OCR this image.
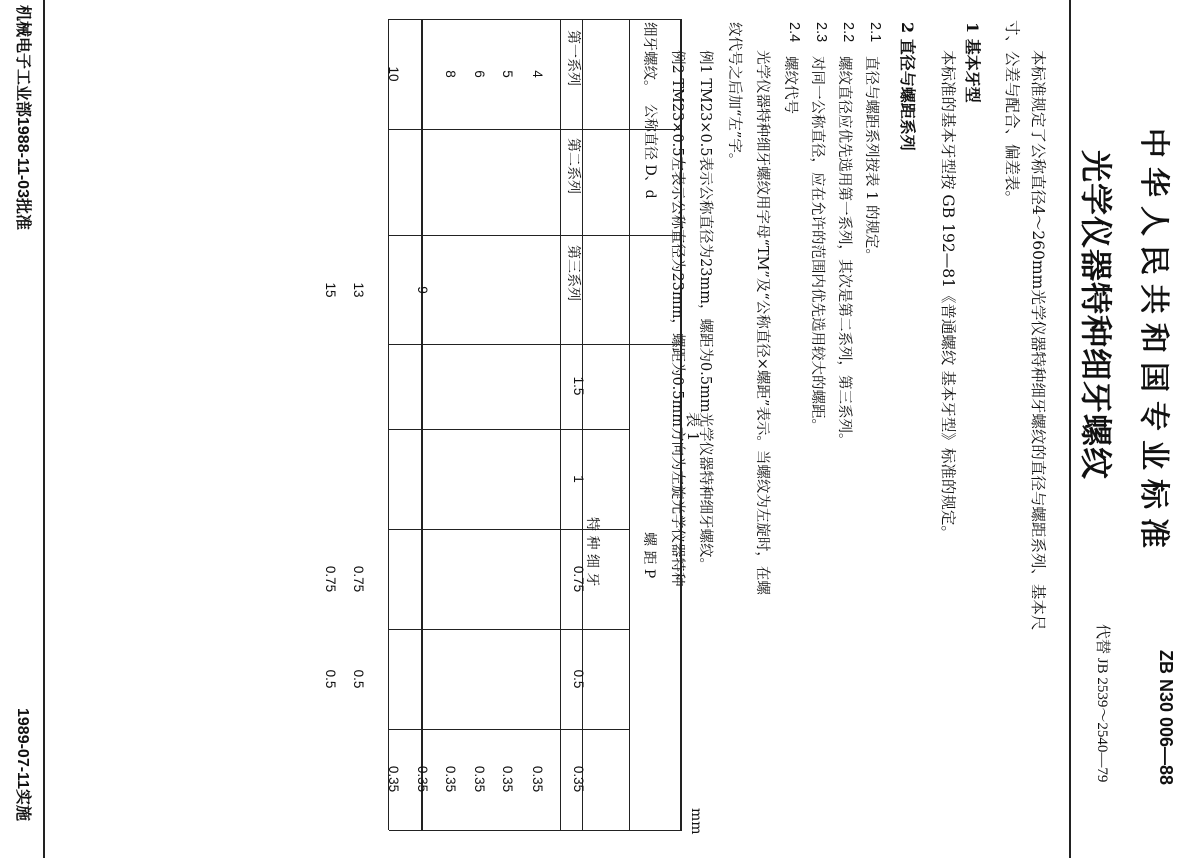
中华人民共和国专业标准
ZB N30 006—88
光学仪器特种细牙螺纹
代替 JB 2539～2540—79
本标准规定了公称直径4～260mm光学仪器特种细牙螺纹的直径与螺距系列、基本尺
寸、公差与配合、偏差表。
1 基本牙型
本标准的基本牙型按 GB 192—81《普通螺纹 基本牙型》标准的规定。
2 直径与螺距系列
2.1
直径与螺距系列按表 1 的规定。
2.2
螺纹直径应优先选用第一系列，其次是第二系列，第三系列。
2.3
对同一公称直径，应在允许的范围内优先选用较大的螺距。
2.4
螺纹代号
光学仪器特种细牙螺纹用字母“TM”及“公称直径×螺距”表示。当螺纹为左旋时，在螺
纹代号之后加“左”字。
例1 TM23×0.5表示公称直径为23mm，螺距为0.5mm光学仪器特种细牙螺纹。
例2 TM23×0.5左表示公称直径为23mm，螺距为0.5mm方向为左旋光学仪器特种
细牙螺纹。
表 1
mm
公称直径 D、d
螺 距 P
特 种 细 牙
第一系列
第二系列
第三系列
1.5
1
0.75
0.5
0.35
4
0.35
5
0.35
6
0.35
8
0.35
9
0.35
10
0.35
13
0.75
0.5
15
0.75
0.5
机械电子工业部1988-11-03批准
1989-07-11实施
